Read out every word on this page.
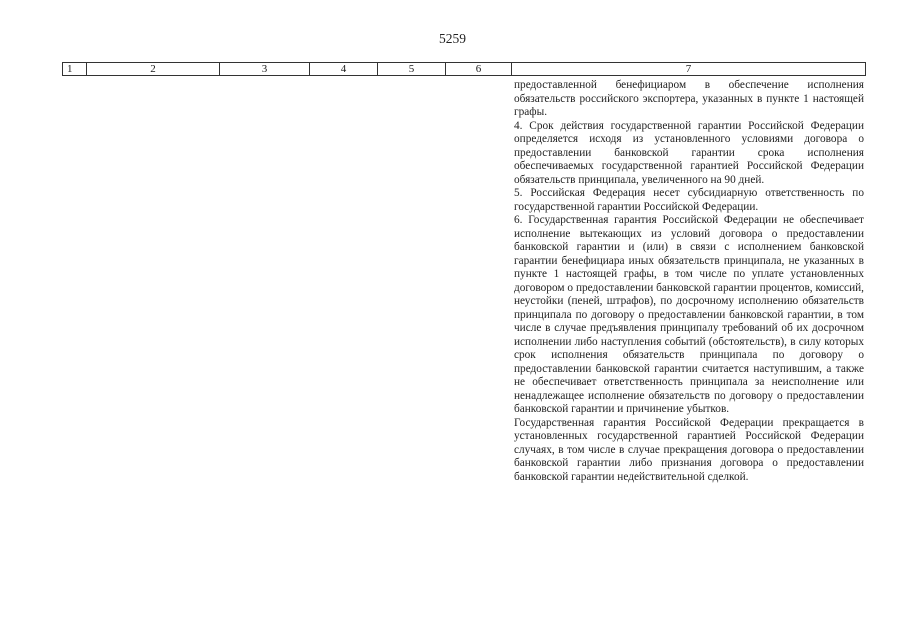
5259
1	2	3	4	5	6	7

предоставленной бенефициаром в обеспечение исполнения обязательств российского экспортера, указанных в пункте 1 настоящей графы.

4. Срок действия государственной гарантии Российской Федерации определяется исходя из установленного условиями договора о предоставлении банковской гарантии срока исполнения обеспечиваемых государственной гарантией Российской Федерации обязательств принципала, увеличенного на 90 дней.

5. Российская Федерация несет субсидиарную ответственность по государственной гарантии Российской Федерации.

6. Государственная гарантия Российской Федерации не обеспечивает исполнение вытекающих из условий договора о предоставлении банковской гарантии и (или) в связи с исполнением банковской гарантии бенефициара иных обязательств принципала, не указанных в пункте 1 настоящей графы, в том числе по уплате установленных договором о предоставлении банковской гарантии процентов, комиссий, неустойки (пеней, штрафов), по досрочному исполнению обязательств принципала по договору о предоставлении банковской гарантии, в том числе в случае предъявления принципалу требований об их досрочном исполнении либо наступления событий (обстоятельств), в силу которых срок исполнения обязательств принципала по договору о предоставлении банковской гарантии считается наступившим, а также не обеспечивает ответственность принципала за неисполнение или ненадлежащее исполнение обязательств по договору о предоставлении банковской гарантии и причинение убытков.

Государственная гарантия Российской Федерации прекращается в установленных государственной гарантией Российской Федерации случаях, в том числе в случае прекращения договора о предоставлении банковской гарантии либо признания договора о предоставлении банковской гарантии недействительной сделкой.
